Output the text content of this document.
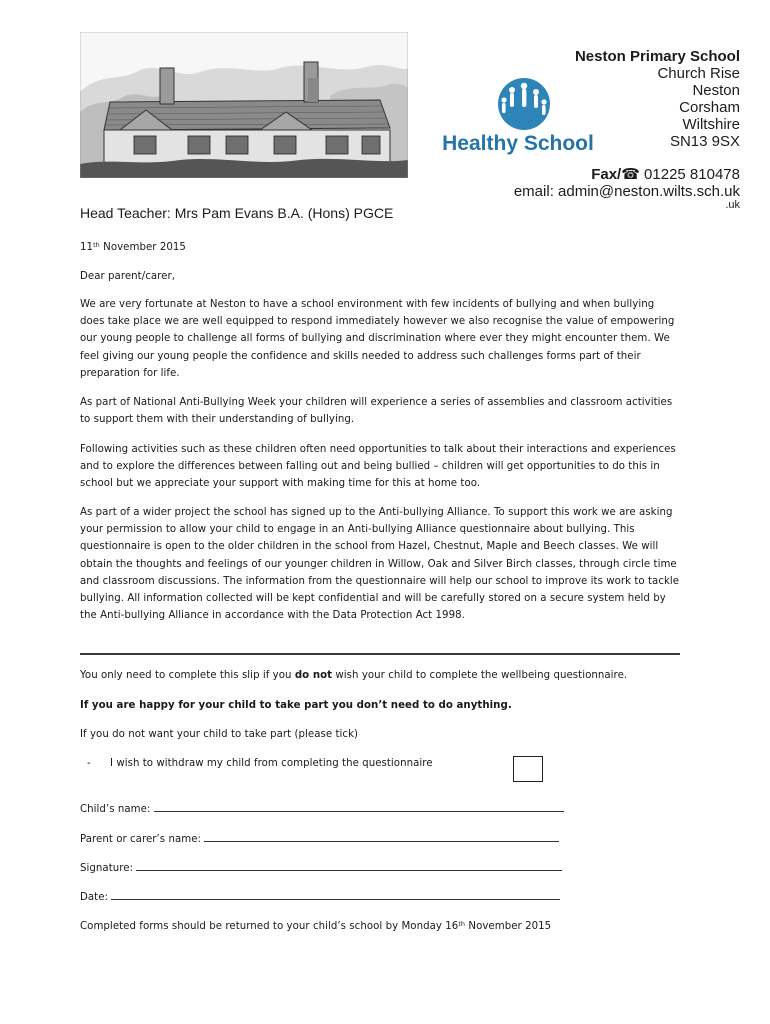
Healthy School
Neston Primary School
Church Rise
Neston
Corsham
Wiltshire
SN13 9SX
Fax/☎ 01225 810478
email: admin@neston.wilts.sch.uk
.uk
Head Teacher: Mrs Pam Evans B.A. (Hons) PGCE
11th November 2015
Dear parent/carer,

We are very fortunate at Neston to have a school environment with few incidents of bullying and when bullying does take place we are well equipped to respond immediately however we also recognise the value of empowering our young people to challenge all forms of bullying and discrimination where ever they might encounter them. We feel giving our young people the confidence and skills needed to address such challenges forms part of their preparation for life.

As part of National Anti-Bullying Week your children will experience a series of assemblies and classroom activities to support them with their understanding of bullying.

Following activities such as these children often need opportunities to talk about their interactions and experiences and to explore the differences between falling out and being bullied – children will get opportunities to do this in school but we appreciate your support with making time for this at home too.

As part of a wider project the school has signed up to the Anti-bullying Alliance. To support this work we are asking your permission to allow your child to engage in an Anti-bullying Alliance questionnaire about bullying. This questionnaire is open to the older children in the school from Hazel, Chestnut, Maple and Beech classes. We will obtain the thoughts and feelings of our younger children in Willow, Oak and Silver Birch classes, through circle time and classroom discussions. The information from the questionnaire will help our school to improve its work to tackle bullying. All information collected will be kept confidential and will be carefully stored on a secure system held by the Anti-bullying Alliance in accordance with the Data Protection Act 1998.

You only need to complete this slip if you do not wish your child to complete the wellbeing questionnaire.
If you are happy for your child to take part you don’t need to do anything.
If you do not want your child to take part (please tick)
- I wish to withdraw my child from completing the questionnaire
Child’s name:
Parent or carer’s name:
Signature:
Date:
Completed forms should be returned to your child’s school by Monday 16th November 2015
